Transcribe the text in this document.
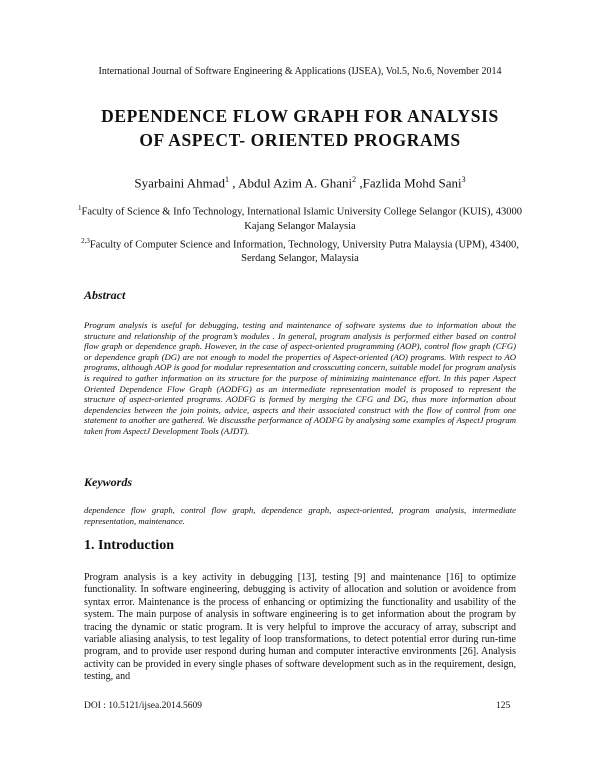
International Journal of Software Engineering & Applications (IJSEA), Vol.5, No.6, November 2014
DEPENDENCE FLOW GRAPH FOR ANALYSIS
OF ASPECT- ORIENTED PROGRAMS
Syarbaini Ahmad$^1$ , Abdul Azim A. Ghani$^2$ ,Fazlida Mohd Sani$^3$
$^1$Faculty of Science & Info Technology, International Islamic University College Selangor (KUIS), 43000 Kajang Selangor Malaysia
$^{2,3}$Faculty of Computer Science and Information, Technology, University Putra Malaysia (UPM), 43400, Serdang Selangor, Malaysia
Abstract
Program analysis is useful for debugging, testing and maintenance of software systems due to information about the structure and relationship of the program’s modules . In general, program analysis is performed either based on control flow graph or dependence graph. However, in the case of aspect-oriented programming (AOP), control flow graph (CFG) or dependence graph (DG) are not enough to model the properties of Aspect-oriented (AO) programs. With respect to AO programs, although AOP is good for modular representation and crosscutting concern, suitable model for program analysis is required to gather information on its structure for the purpose of minimizing maintenance effort. In this paper Aspect Oriented Dependence Flow Graph (AODFG) as an intermediate representation model is proposed to represent the structure of aspect-oriented programs. AODFG is formed by merging the CFG and DG, thus more information about dependencies between the join points, advice, aspects and their associated construct with the flow of control from one statement to another are gathered. We discussthe performance of AODFG by analysing some examples of AspectJ program taken from AspectJ Development Tools (AJDT).
Keywords
dependence flow graph, control flow graph, dependence graph, aspect-oriented, program analysis, intermediate representation, maintenance.
1. Introduction
Program analysis is a key activity in debugging [13], testing [9] and maintenance [16] to optimize functionality. In software engineering, debugging is activity of allocation and solution or avoidence from syntax error. Maintenance is the process of enhancing or optimizing the functionality and usability of the system. The main purpose of analysis in software engineering is to get information about the program by tracing the dynamic or static program. It is very helpful to improve the accuracy of array, subscript and variable aliasing analysis, to test legality of loop transformations, to detect potential error during run-time program, and to provide user respond during human and computer interactive environments [26]. Analysis activity can be provided in every single phases of software development such as in the requirement, design, testing, and
DOI : 10.5121/ijsea.2014.5609	125
